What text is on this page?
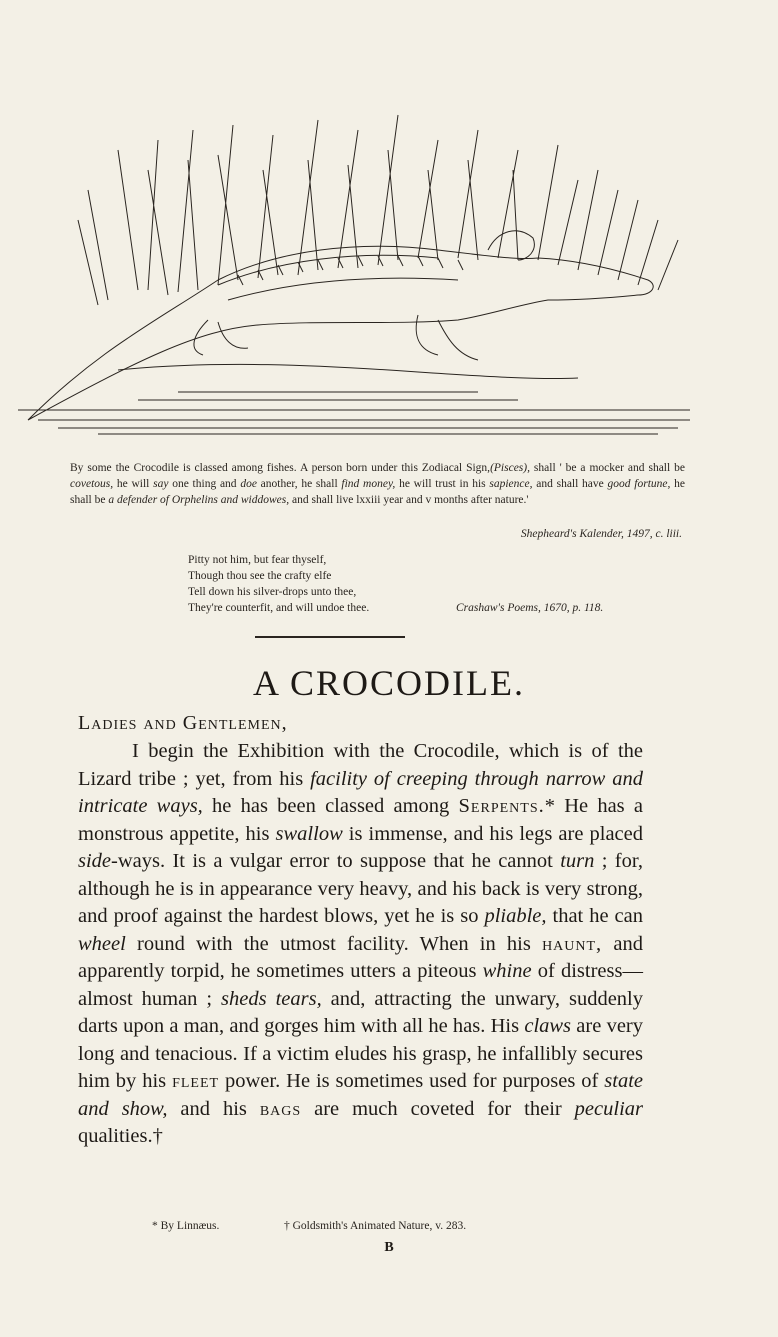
By some the Crocodile is classed among fishes. A person born under this Zodiacal Sign,(Pisces), shall ' be a mocker and shall be covetous, he will say one thing and doe another, he shall find money, he will trust in his sapience, and shall have good fortune, he shall be a defender of Orphelins and widdowes, and shall live lxxiii year and v months after nature.'
Shepheard's Kalender, 1497, c. liii.
Pitty not him, but fear thyself,
Though thou see the crafty elfe
Tell down his silver-drops unto thee,
They're counterfit, and will undoe thee.	Crashaw's Poems, 1670, p. 118.
A CROCODILE.
Ladies and Gentlemen,

I begin the Exhibition with the Crocodile, which is of the Lizard tribe ; yet, from his facility of creeping through narrow and intricate ways, he has been classed among Serpents.* He has a monstrous appetite, his swallow is immense, and his legs are placed side-ways. It is a vulgar error to suppose that he cannot turn ; for, although he is in appearance very heavy, and his back is very strong, and proof against the hardest blows, yet he is so pliable, that he can wheel round with the utmost facility. When in his haunt, and apparently torpid, he sometimes utters a piteous whine of distress—almost human ; sheds tears, and, attracting the unwary, suddenly darts upon a man, and gorges him with all he has. His claws are very long and tenacious. If a victim eludes his grasp, he infallibly secures him by his fleet power. He is sometimes used for purposes of state and show, and his bags are much coveted for their peculiar qualities.†

* By Linnæus.	† Goldsmith's Animated Nature, v. 283.
B
